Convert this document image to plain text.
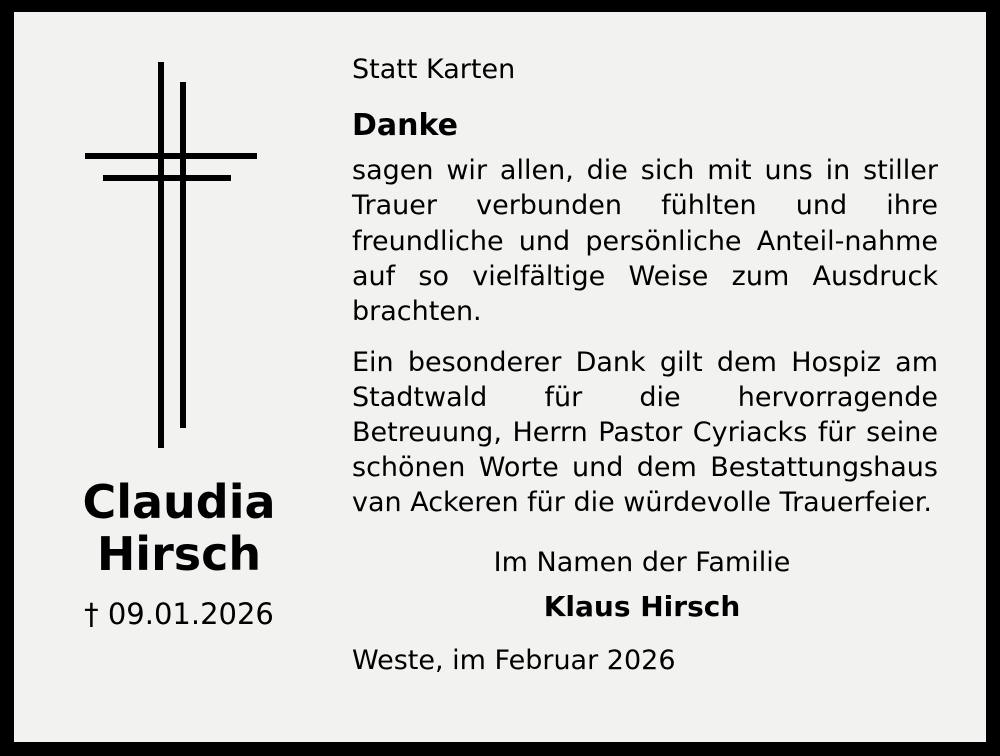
Claudia
Hirsch
† 09.01.2026
Statt Karten
Danke

sagen wir allen, die sich mit uns in stiller Trauer verbunden fühlten und ihre freundliche und persönliche Anteil-nahme auf so vielfältige Weise zum Ausdruck brachten.

Ein besonderer Dank gilt dem Hospiz am Stadtwald für die hervorragende Betreuung, Herrn Pastor Cyriacks für seine schönen Worte und dem Bestattungshaus van Ackeren für die würdevolle Trauerfeier.

Im Namen der Familie
Klaus Hirsch
Weste, im Februar 2026
